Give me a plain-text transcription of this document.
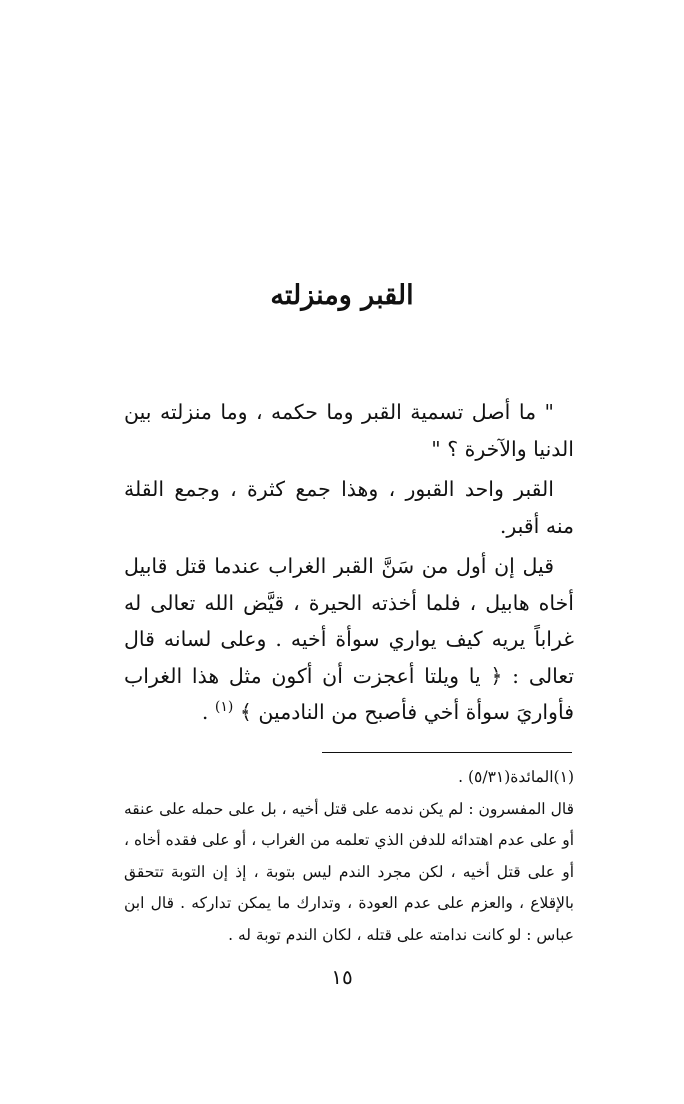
القبر ومنزلته

" ما أصل تسمية القبر وما حكمه ، وما منزلته بين الدنيا والآخرة ؟ "

القبر واحد القبور ، وهذا جمع كثرة ، وجمع القلة منه أقبر.

قيل إن أول من سَنَّ القبر الغراب عندما قتل قابيل أخاه هابيل ، فلما أخذته الحيرة ، قيَّض الله تعالى له غراباً يريه كيف يواري سوأة أخيه . وعلى لسانه قال تعالى : ﴿ يا ويلتا أعجزت أن أكون مثل هذا الغراب فأواريَ سوأة أخي فأصبح من النادمين ﴾ $^{(١)}$ .

(١)المائدة(٥/٣١) .

قال المفسرون : لم يكن ندمه على قتل أخيه ، بل على حمله على عنقه أو على عدم اهتدائه للدفن الذي تعلمه من الغراب ، أو على فقده أخاه ، أو على قتل أخيه ، لكن مجرد الندم ليس بتوبة ، إذ إن التوبة تتحقق بالإقلاع ، والعزم على عدم العودة ، وتدارك ما يمكن تداركه . قال ابن عباس : لو كانت ندامته على قتله ، لكان الندم توبة له .

١٥
